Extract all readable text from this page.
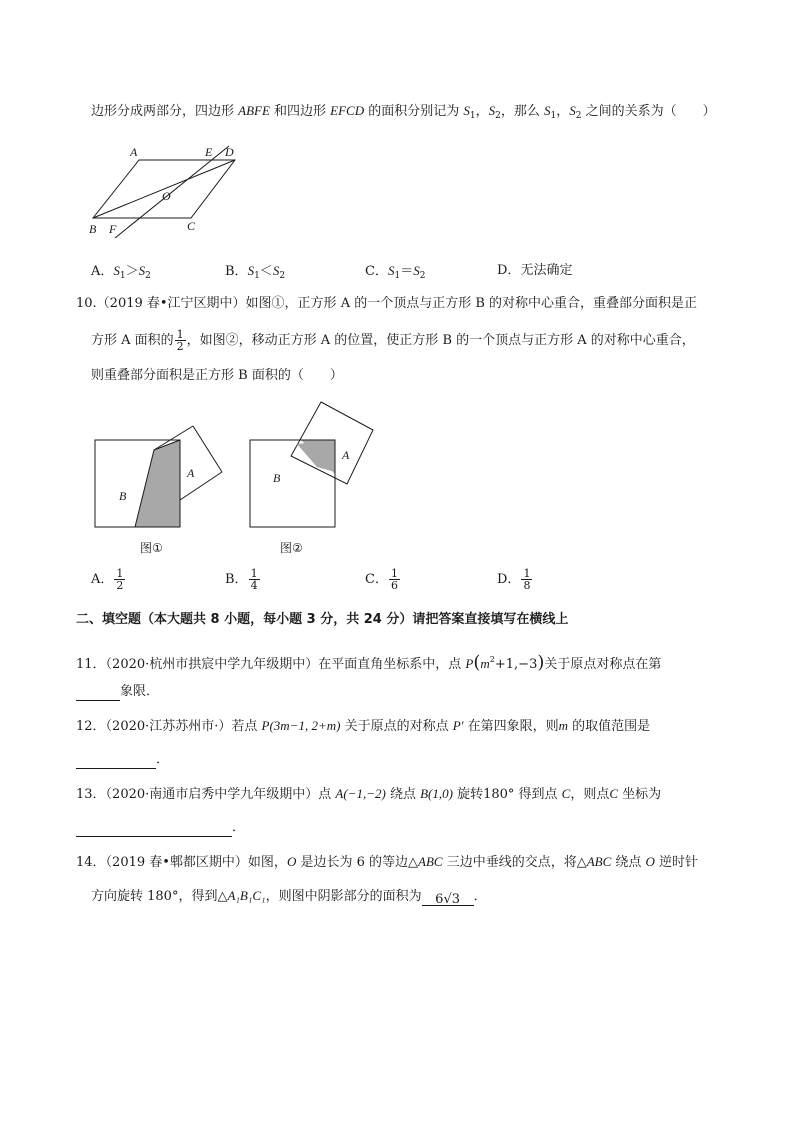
边形分成两部分，四边形 ABFE 和四边形 EFCD 的面积分别记为 $S_1$，$S_2$，那么 $S_1$，$S_2$ 之间的关系为（　　）
A	E D
O
B F	C
A．$S_1>S_2$	B．$S_1<S_2$	C．$S_1=S_2$	D．无法确定
10.（2019 春•江宁区期中）如图①，正方形 A 的一个顶点与正方形 B 的对称中心重合，重叠部分面积是正
方形 A 面积的 $\frac{1}{2}$ ，如图②，移动正方形 A 的位置，使正方形 B 的一个顶点与正方形 A 的对称中心重合，
则重叠部分面积是正方形 B 面积的（　　）
A
B
图①
A
B
图②
A． $\frac{1}{2}$	B． $\frac{1}{4}$	C． $\frac{1}{6}$	D． $\frac{1}{8}$
二、填空题（本大题共 8 小题，每小题 3 分，共 24 分）请把答案直接填写在横线上
11．（2020·杭州市拱宸中学九年级期中）在平面直角坐标系中，点 $P(m^2+1,-3)$关于原点对称点在第
象限．
12．（2020·江苏苏州市·）若点 P(3m−1, 2+m) 关于原点的对称点 P′ 在第四象限，则m 的取值范围是
．
13．（2020·南通市启秀中学九年级期中）点 A(−1,−2) 绕点 B(1,0) 旋转180° 得到点 C，则点C 坐标为
．
14．（2019 春•郫都区期中）如图，O 是边长为 6 的等边△ABC 三边中垂线的交点，将△ABC 绕点 O 逆时针
方向旋转 180°，得到△A₁B₁C₁，则图中阴影部分的面积为 6√3 ．
